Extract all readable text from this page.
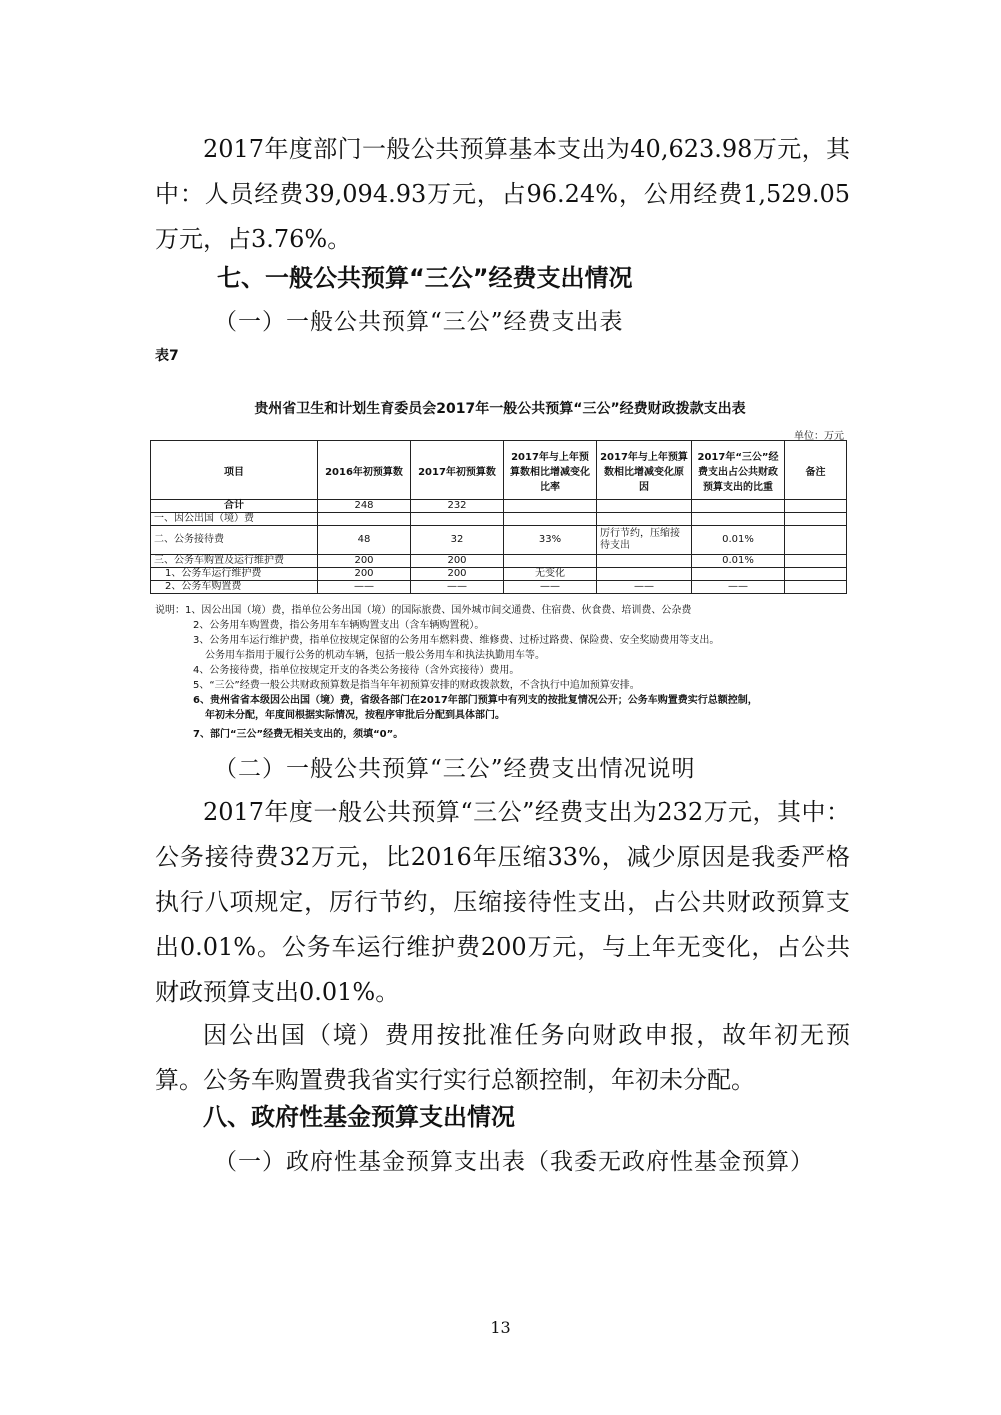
2017年度部门一般公共预算基本支出为40,623.98万元，其中：人员经费39,094.93万元，占96.24%，公用经费1,529.05万元，占3.76%。

七、一般公共预算“三公”经费支出情况
（一）一般公共预算“三公”经费支出表
表7
贵州省卫生和计划生育委员会2017年一般公共预算“三公”经费财政拨款支出表
单位：万元
项目	2016年初预算数	2017年初预算数	2017年与上年预算数相比增减变化比率	2017年与上年预算数相比增减变化原因	2017年“三公”经费支出占公共财政预算支出的比重	备注
合计	248	232				
一、因公出国（境）费						
二、公务接待费	48	32	33%	厉行节约，压缩接待支出	0.01%	
三、公务车购置及运行维护费	200	200			0.01%	
1、公务车运行维护费	200	200	无变化			
2、公务车购置费	——	——	——	——	——	
说明：1、因公出国（境）费，指单位公务出国（境）的国际旅费、国外城市间交通费、住宿费、伙食费、培训费、公杂费
2、公务用车购置费，指公务用车车辆购置支出（含车辆购置税）。
3、公务用车运行维护费，指单位按规定保留的公务用车燃料费、维修费、过桥过路费、保险费、安全奖励费用等支出。
公务用车指用于履行公务的机动车辆，包括一般公务用车和执法执勤用车等。
4、公务接待费，指单位按规定开支的各类公务接待（含外宾接待）费用。
5、“三公”经费一般公共财政预算数是指当年年初预算安排的财政拨款数，不含执行中追加预算安排。
6、贵州省省本级因公出国（境）费，省级各部门在2017年部门预算中有列支的按批复情况公开；公务车购置费实行总额控制，
年初未分配，年度间根据实际情况，按程序审批后分配到具体部门。
7、部门“三公”经费无相关支出的，须填“0”。
（二）一般公共预算“三公”经费支出情况说明

2017年度一般公共预算“三公”经费支出为232万元，其中：公务接待费32万元，比2016年压缩33%，减少原因是我委严格执行八项规定，厉行节约，压缩接待性支出，占公共财政预算支出0.01%。公务车运行维护费200万元，与上年无变化，占公共财政预算支出0.01%。

因公出国（境）费用按批准任务向财政申报，故年初无预算。公务车购置费我省实行实行总额控制，年初未分配。

八、政府性基金预算支出情况
（一）政府性基金预算支出表（我委无政府性基金预算）
13
